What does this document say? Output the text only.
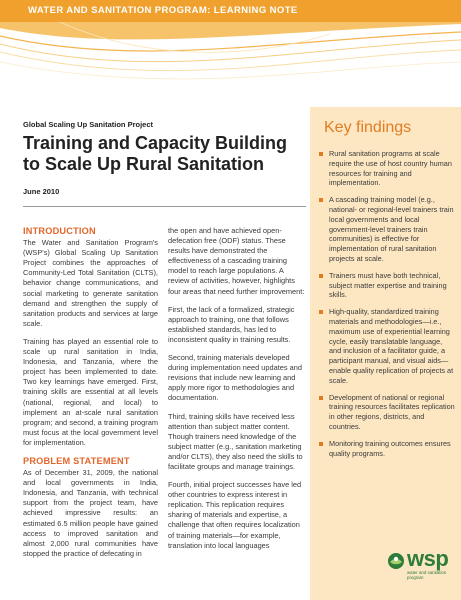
WATER AND SANITATION PROGRAM: LEARNING NOTE
Global Scaling Up Sanitation Project
Training and Capacity Building
to Scale Up Rural Sanitation
June 2010
INTRODUCTION

The Water and Sanitation Program's (WSP's) Global Scaling Up Sanitation Project combines the approaches of Community-Led Total Sanitation (CLTS), behavior change communications, and social marketing to generate sanitation demand and strengthen the supply of sanitation products and services at large scale.

Training has played an essential role to scale up rural sanitation in India, Indonesia, and Tanzania, where the project has been implemented to date. Two key learnings have emerged. First, training skills are essential at all levels (national, regional, and local) to implement an at-scale rural sanitation program; and second, a training program must focus at the local government level for implementation.

PROBLEM STATEMENT

As of December 31, 2009, the national and local governments in India, Indonesia, and Tanzania, with technical support from the project team, have achieved impressive results: an estimated 6.5 million people have gained access to improved sanitation and almost 2,000 rural communities have stopped the practice of defecating in

the open and have achieved open-defecation free (ODF) status. These results have demonstrated the effectiveness of a cascading training model to reach large populations. A review of activities, however, highlights four areas that need further improvement:

First, the lack of a formalized, strategic approach to training, one that follows established standards, has led to inconsistent quality in training results.

Second, training materials developed during implementation need updates and revisions that include new learning and apply more rigor to methodologies and documentation.

Third, training skills have received less attention than subject matter content. Though trainers need knowledge of the subject matter (e.g., sanitation marketing and/or CLTS), they also need the skills to facilitate groups and manage trainings.

Fourth, initial project successes have led other countries to express interest in replication. This replication requires sharing of materials and expertise, a challenge that often requires localization of training materials—for example, translation into local languages

Key findings
Rural sanitation programs at scale require the use of host country human resources for training and implementation.
A cascading training model (e.g., national- or regional-level trainers train local governments and local government-level trainers train communities) is effective for implementation of rural sanitation projects at scale.
Trainers must have both technical, subject matter expertise and training skills.
High-quality, standardized training materials and methodologies—i.e., maximum use of experiential learning cycle, easily translatable language, and inclusion of a facilitator guide, a participant manual, and visual aids—enable quality replication of projects at scale.
Development of national or regional training resources facilitates replication in other regions, districts, and countries.
Monitoring training outcomes ensures quality programs.
wsp
water and sanitation program
